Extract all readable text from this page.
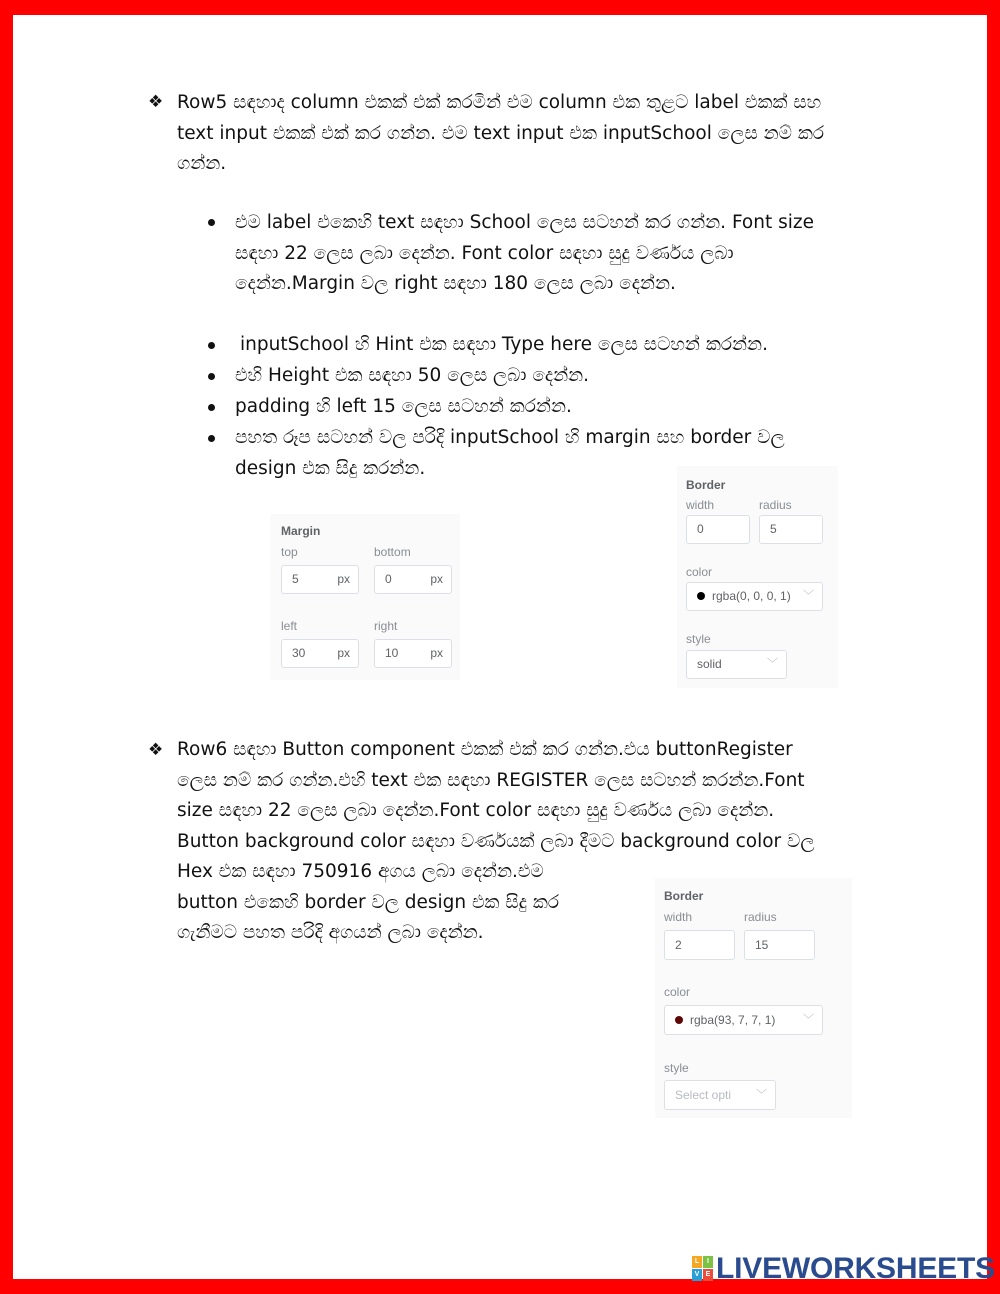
❖ Row5 සඳහාද column එකක් එක් කරමින් එම column එක තුළට label එකක් සහ
text input එකක් එක් කර ගන්න. එම text input එක inputSchool ලෙස නම් කර
ගන්න.
එම label එකෙහි text සඳහා School ලෙස සටහන් කර ගන්න. Font size
සඳහා 22 ලෙස ලබා දෙන්න. Font color සඳහා සුදු වර්ණය ලබා
දෙන්න.Margin වල right සඳහා 180 ලෙස ලබා දෙන්න.
inputSchool හි Hint එක සඳහා Type here ලෙස සටහන් කරන්න.
එහි Height එක සඳහා 50 ලෙස ලබා දෙන්න.
padding හි left 15 ලෙස සටහන් කරන්න.
පහත රූප සටහන් වල පරිදි inputSchool හි margin සහ border වල
design එක සිදු කරන්න.
Margin
top	bottom
5	px	0	px
left	right
30	px	10	px
Border
width	radius
0	5
color
rgba(0, 0, 0, 1) ﹀
style
solid	﹀
❖ Row6 සඳහා Button component එකක් එක් කර ගන්න.එය buttonRegister
ලෙස නම් කර ගන්න.එහි text එක සඳහා REGISTER ලෙස සටහන් කරන්න.Font
size සඳහා 22 ලෙස ලබා දෙන්න.Font color සඳහා සුදු වර්ණය ලබා දෙන්න.
Button background color සඳහා වර්ණයක් ලබා දීමට background color වල
Hex එක සඳහා 750916 අගය ලබා දෙන්න.එම
button එකෙහි border වල design එක සිදු කර
ගැනීමට පහත පරිදි අගයන් ලබා දෙන්න.
Border
width	radius
2	15
color
rgba(93, 7, 7, 1)	﹀
style
Select opti ﹀
L	I
V E LIVEWORKSHEETS
